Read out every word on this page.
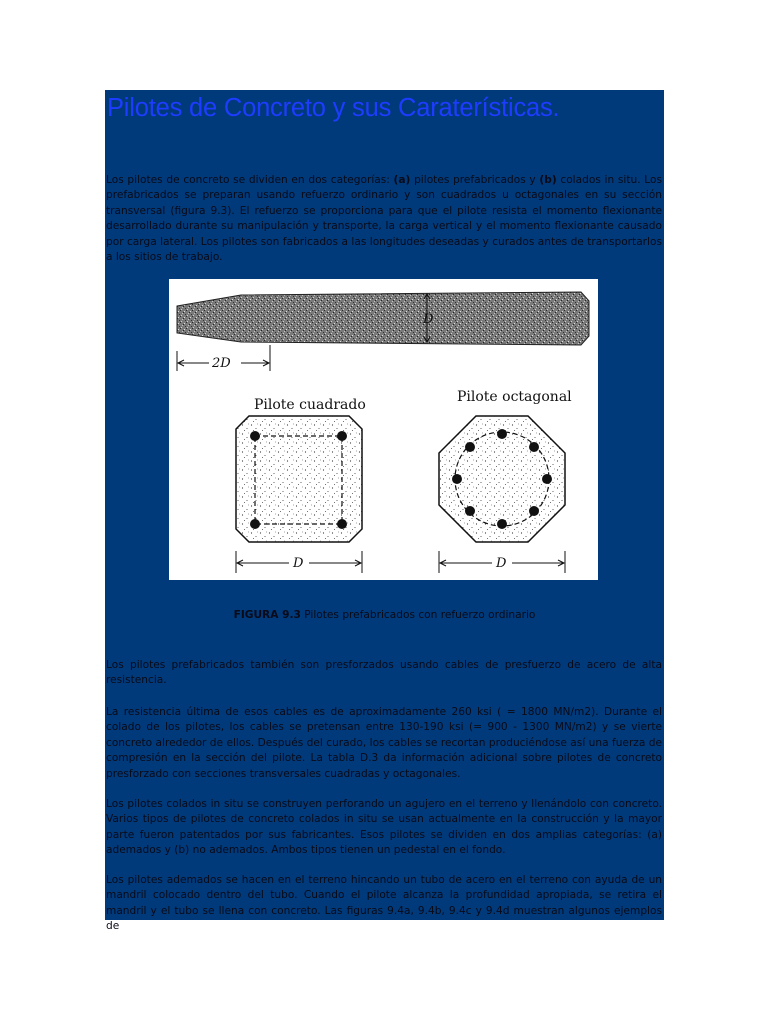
Pilotes de Concreto y sus Caraterísticas.

Los pilotes de concreto se dividen en dos categorías: (a) pilotes prefabricados y (b) colados in situ. Los prefabricados se preparan usando refuerzo ordinario y son cuadrados u octagonales en su sección transversal (figura 9.3). El refuerzo se proporciona para que el pilote resista el momento flexionante desarrollado durante su manipulación y transporte, la carga vertical y el momento flexionante causado por carga lateral. Los pilotes son fabricados a las longitudes deseadas y curados antes de transportarlos a los sitios de trabajo.

D
2D
Pilote cuadrado
D
Pilote octagonal
D

FIGURA 9.3 Pilotes prefabricados con refuerzo ordinario

Los pilotes prefabricados también son presforzados usando cables de presfuerzo de acero de alta resistencia.

La resistencia última de esos cables es de aproximadamente 260 ksi ( = 1800 MN/m2). Durante el colado de los pilotes, los cables se pretensan entre 130-190 ksi (= 900 - 1300 MN/m2) y se vierte concreto alrededor de ellos. Después del curado, los cables se recortan produciéndose así una fuerza de compresión en la sección del pilote. La tabla D.3 da información adicional sobre pilotes de concreto presforzado con secciones transversales cuadradas y octagonales.

Los pilotes colados in situ se construyen perforando un agujero en el terreno y llenándolo con concreto. Varios tipos de pilotes de concreto colados in situ se usan actualmente en la construcción y la mayor parte fueron patentados por sus fabricantes. Esos pilotes se dividen en dos amplias categorías: (a) ademados y (b) no ademados. Ambos tipos tienen un pedestal en el fondo.

Los pilotes ademados se hacen en el terreno hincando un tubo de acero en el terreno con ayuda de un mandril colocado dentro del tubo. Cuando el pilote alcanza la profundidad apropiada, se retira el mandril y el tubo se llena con concreto. Las figuras 9.4a, 9.4b, 9.4c y 9.4d muestran algunos ejemplos de
